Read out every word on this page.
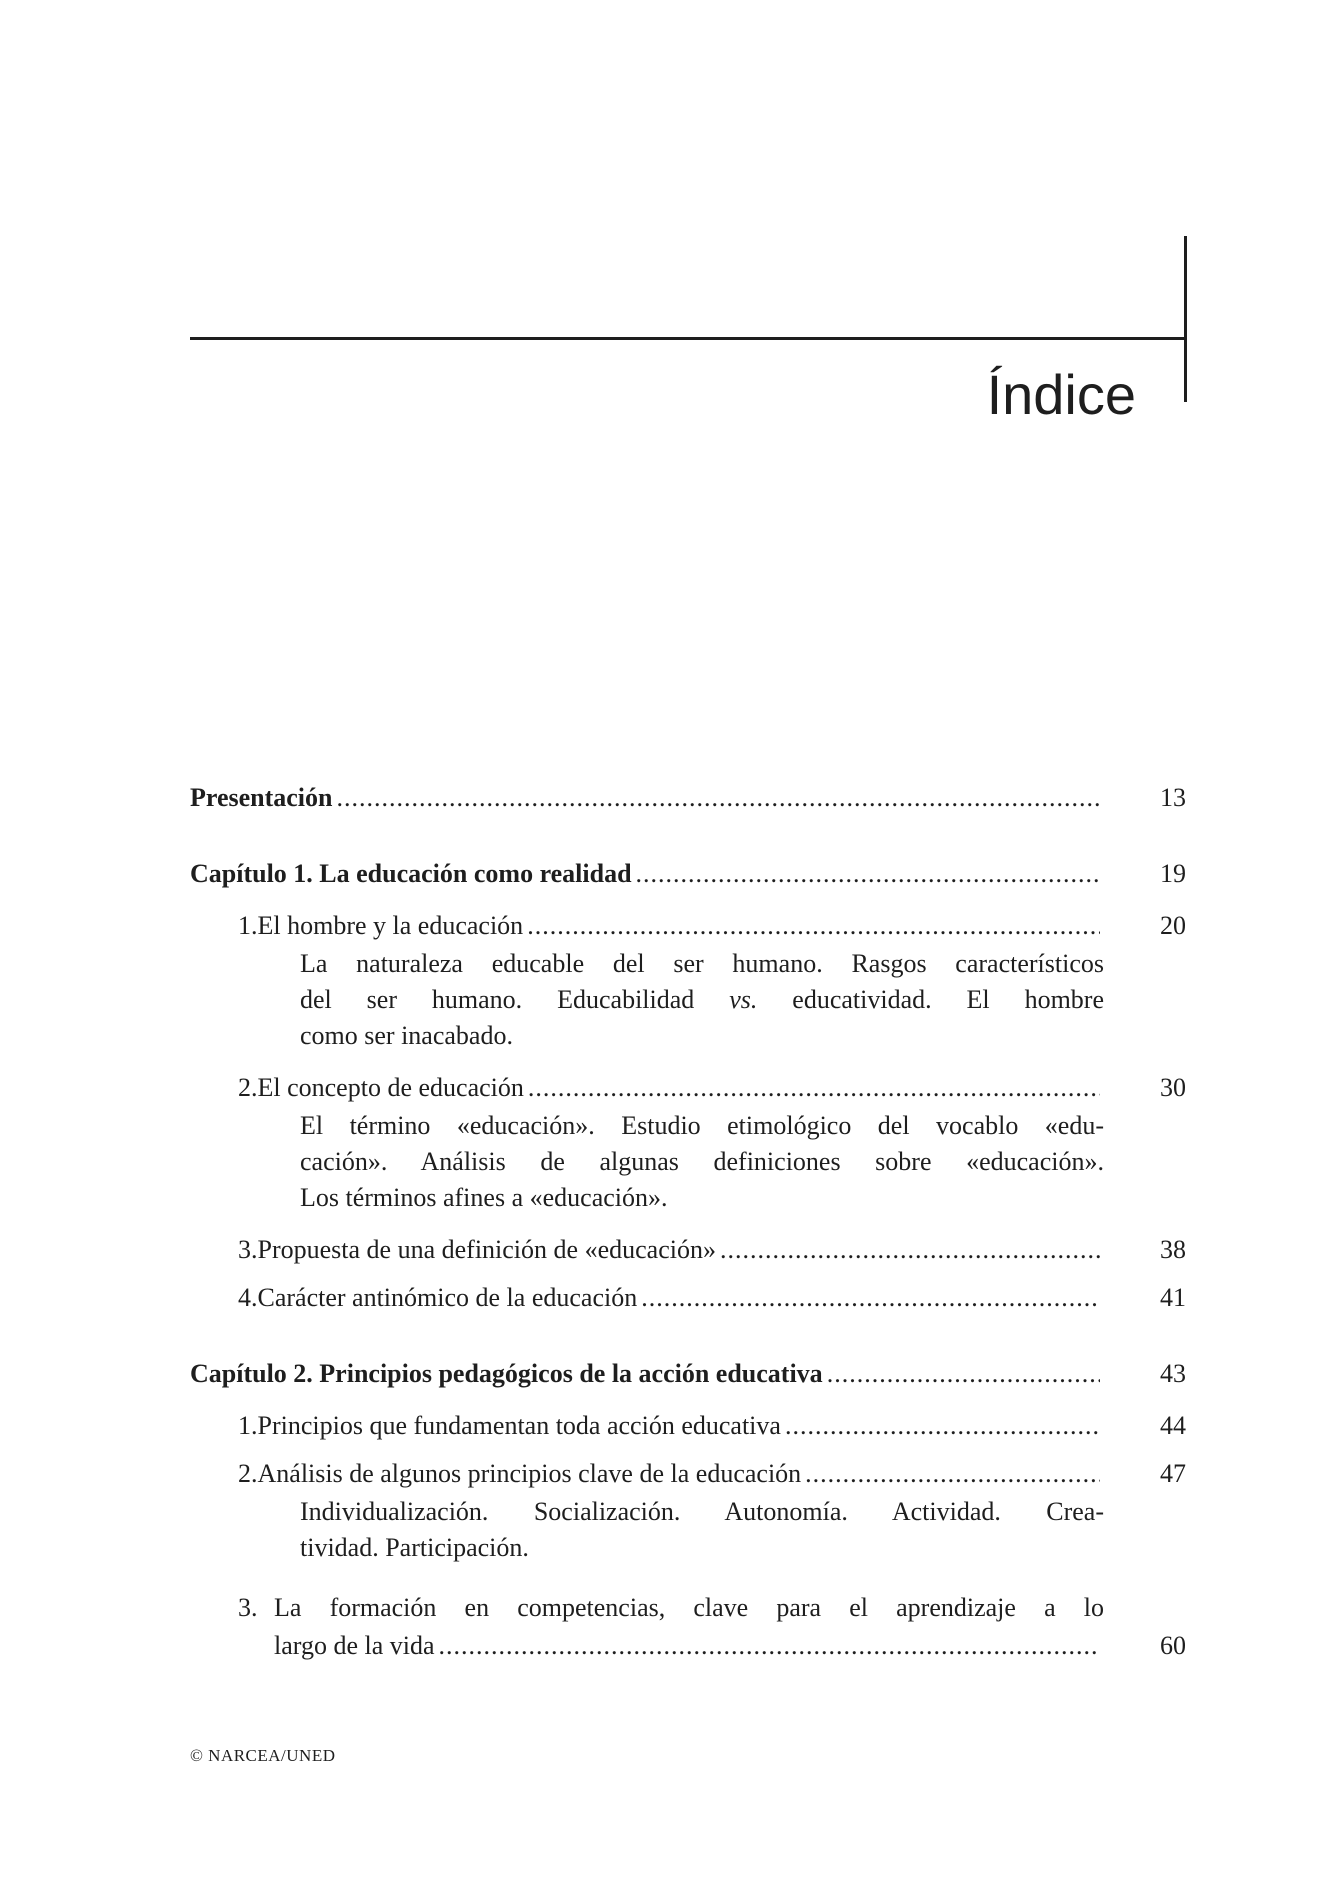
Índice
Presentación .....	13
Capítulo 1. La educación como realidad .....	19
1. El hombre y la educación .....	20
La naturaleza educable del ser humano. Rasgos característicos
del ser humano. Educabilidad vs. educatividad. El hombre
como ser inacabado.
2. El concepto de educación .....	30
El término «educación». Estudio etimológico del vocablo «edu-
cación». Análisis de algunas definiciones sobre «educación».
Los términos afines a «educación».
3. Propuesta de una definición de «educación» .....	38
4. Carácter antinómico de la educación .....	41
Capítulo 2. Principios pedagógicos de la acción educativa .....	43
1. Principios que fundamentan toda acción educativa .....	44
2. Análisis de algunos principios clave de la educación .....	47
Individualización. Socialización. Autonomía. Actividad. Crea-
tividad. Participación.
3. La formación en competencias, clave para el aprendizaje a lo
largo de la vida .....	60
© NARCEA/UNED
